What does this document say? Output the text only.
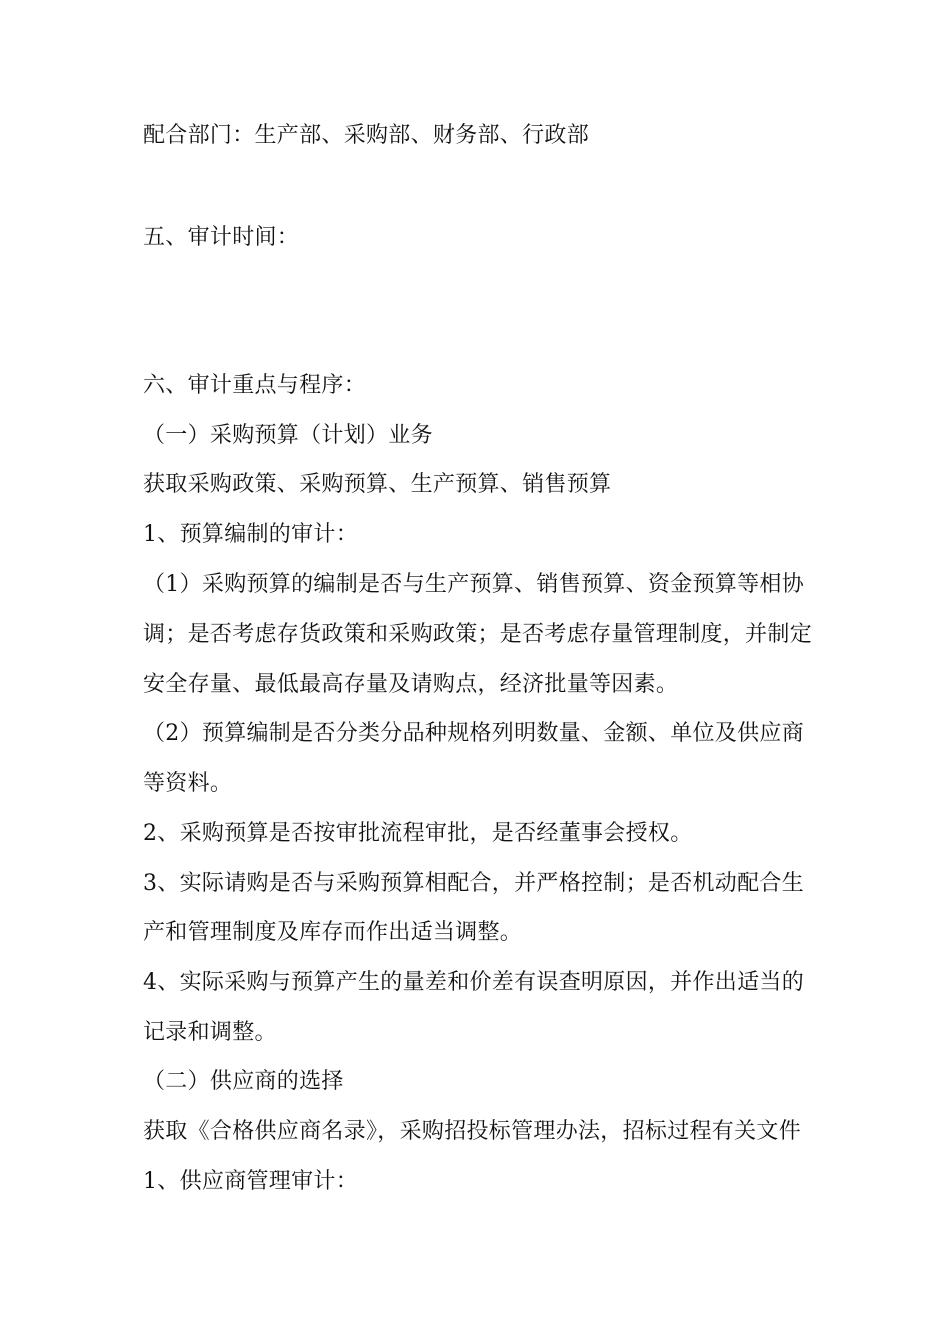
配合部门：生产部、采购部、财务部、行政部
五、审计时间：
六、审计重点与程序：
（一）采购预算（计划）业务
获取采购政策、采购预算、生产预算、销售预算
1、预算编制的审计：
（1）采购预算的编制是否与生产预算、销售预算、资金预算等相协
调；是否考虑存货政策和采购政策；是否考虑存量管理制度，并制定
安全存量、最低最高存量及请购点，经济批量等因素。
（2）预算编制是否分类分品种规格列明数量、金额、单位及供应商
等资料。
2、采购预算是否按审批流程审批，是否经董事会授权。
3、实际请购是否与采购预算相配合，并严格控制；是否机动配合生
产和管理制度及库存而作出适当调整。
4、实际采购与预算产生的量差和价差有误查明原因，并作出适当的
记录和调整。
（二）供应商的选择
获取《合格供应商名录》，采购招投标管理办法，招标过程有关文件
1、供应商管理审计：
